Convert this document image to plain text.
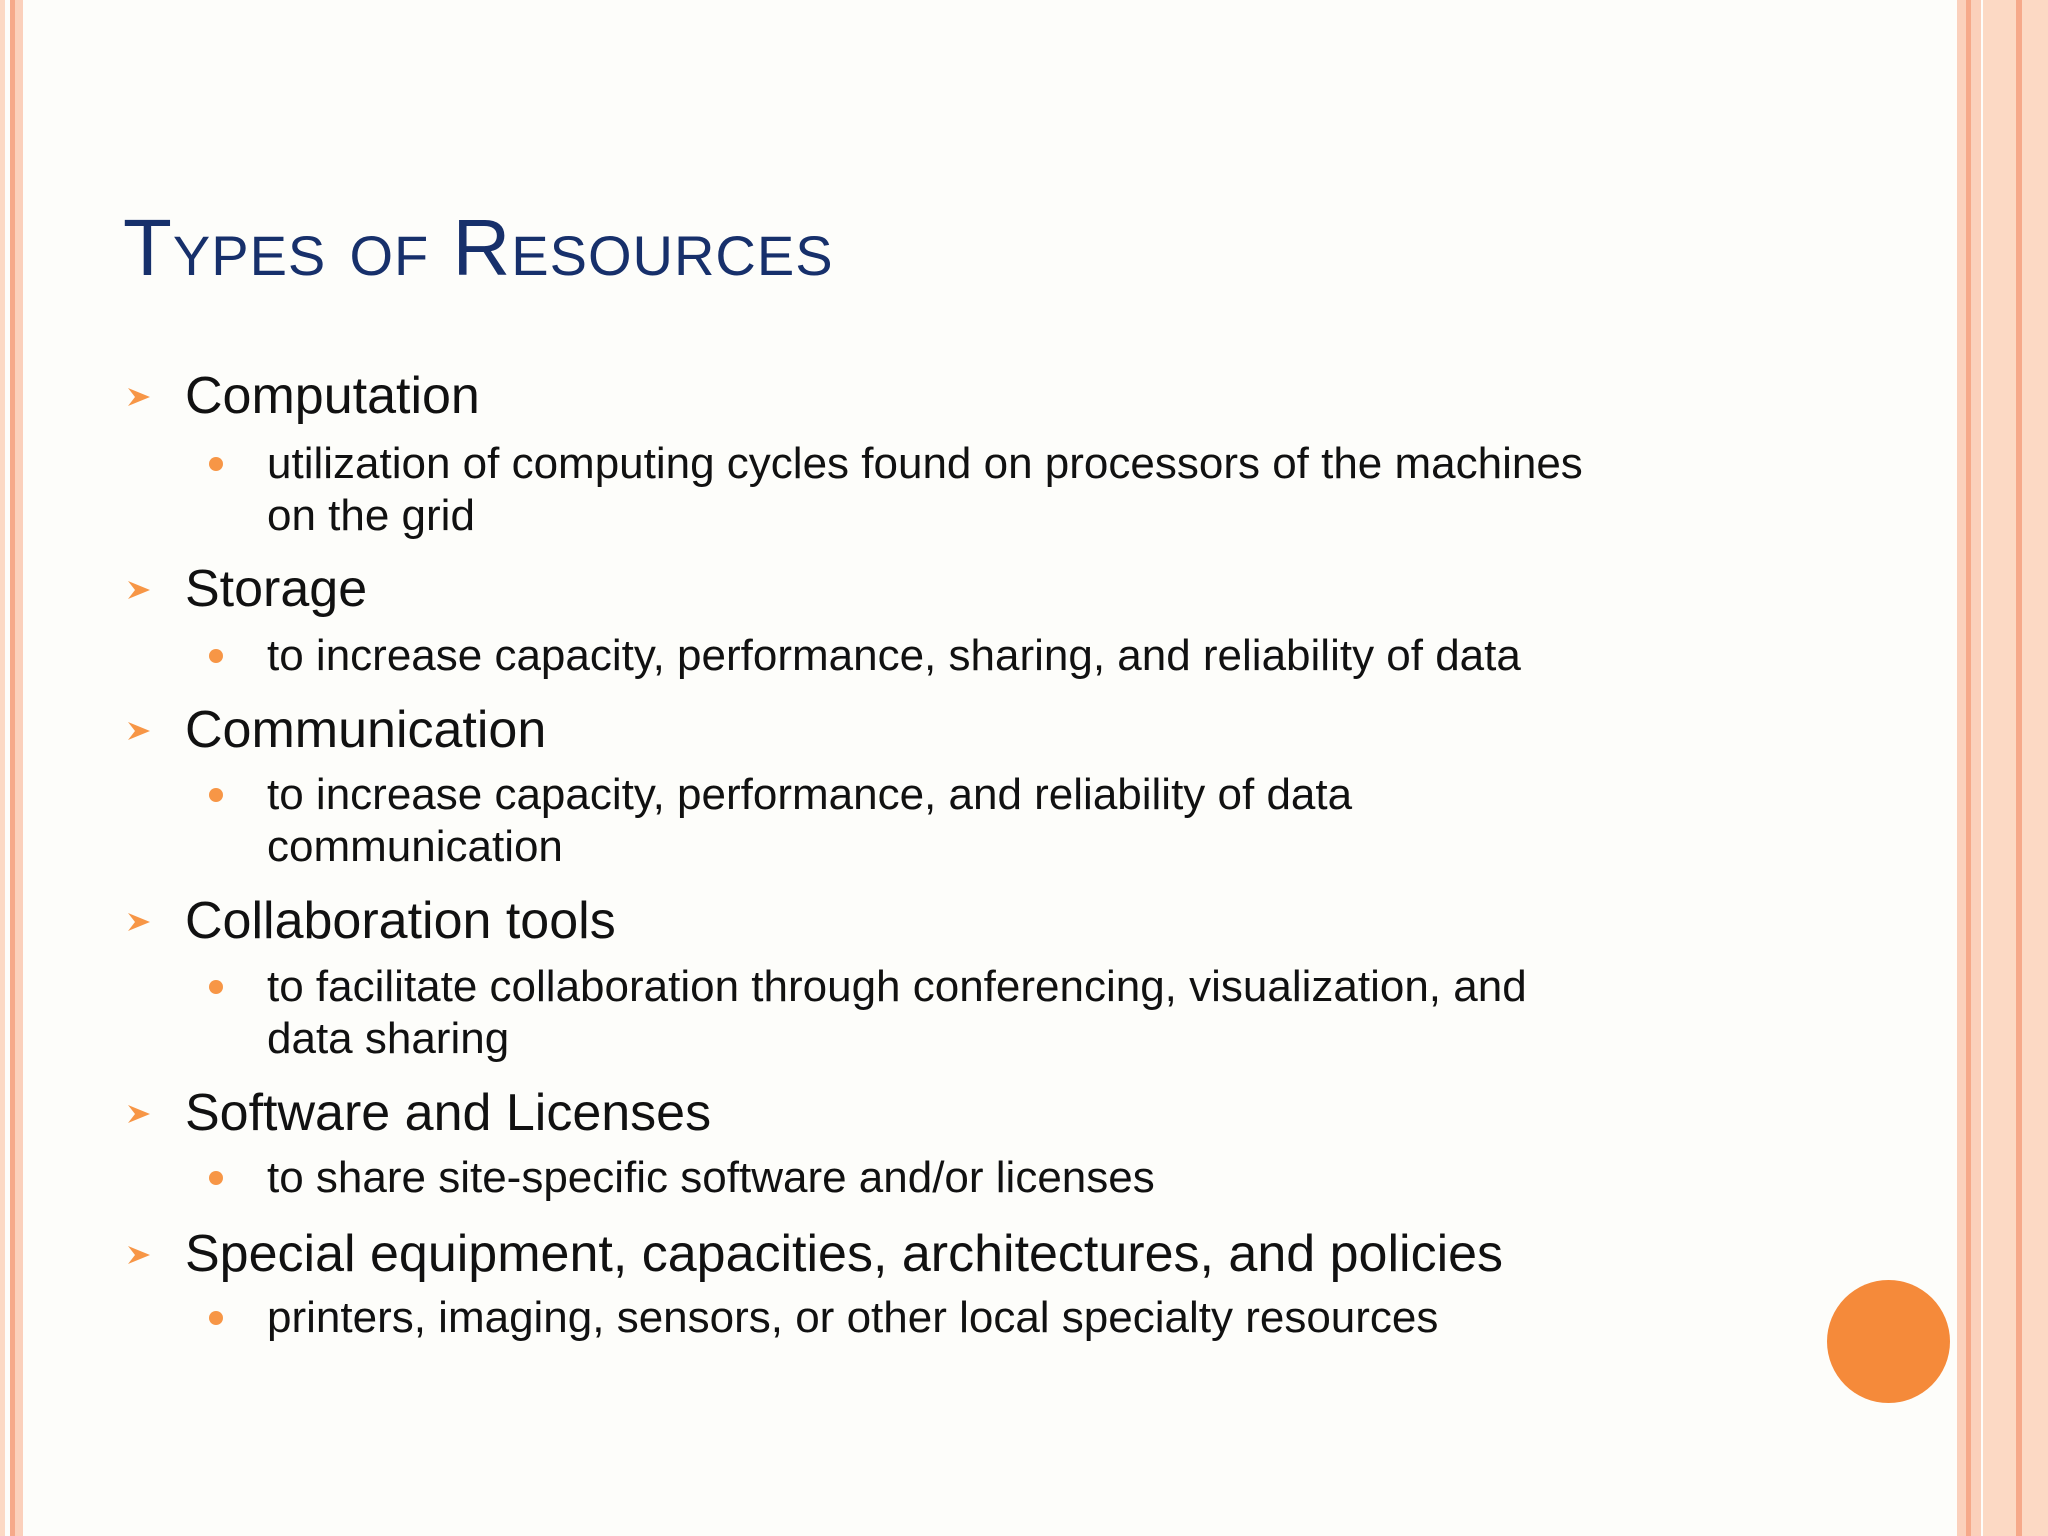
Types of Resources
Computation
utilization of computing cycles found on processors of the machines
on the grid
Storage
to increase capacity, performance, sharing, and reliability of data
Communication
to increase capacity, performance, and reliability of data
communication
Collaboration tools
to facilitate collaboration through conferencing, visualization, and
data sharing
Software and Licenses
to share site-specific software and/or licenses
Special equipment, capacities, architectures, and policies
printers, imaging, sensors, or other local specialty resources
